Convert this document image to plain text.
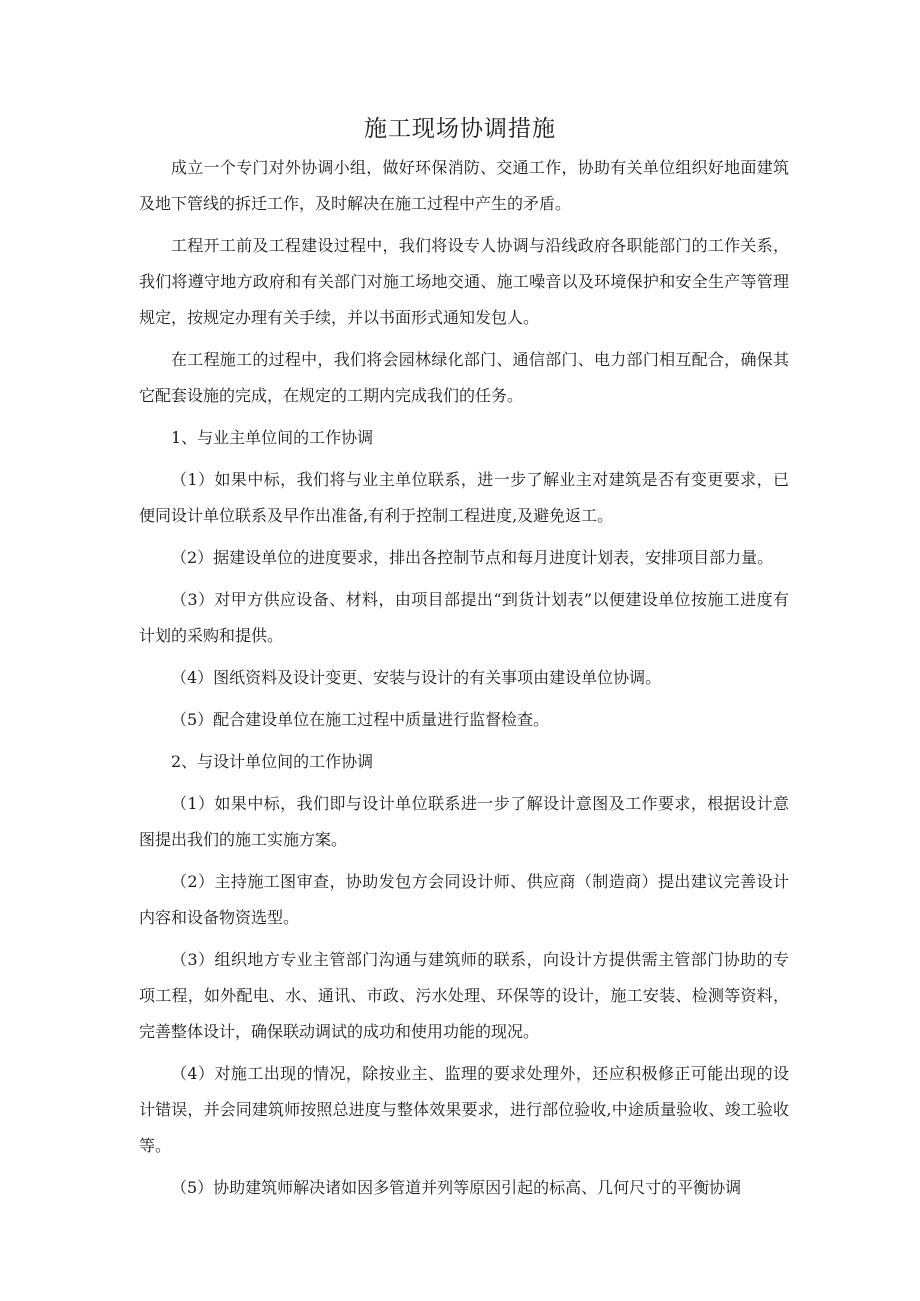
施工现场协调措施

成立一个专门对外协调小组，做好环保消防、交通工作，协助有关单位组织好地面建筑及地下管线的拆迁工作，及时解决在施工过程中产生的矛盾。

工程开工前及工程建设过程中，我们将设专人协调与沿线政府各职能部门的工作关系，我们将遵守地方政府和有关部门对施工场地交通、施工噪音以及环境保护和安全生产等管理规定，按规定办理有关手续，并以书面形式通知发包人。

在工程施工的过程中，我们将会园林绿化部门、通信部门、电力部门相互配合，确保其它配套设施的完成，在规定的工期内完成我们的任务。

1、与业主单位间的工作协调

（1）如果中标，我们将与业主单位联系，进一步了解业主对建筑是否有变更要求，已便同设计单位联系及早作出准备,有利于控制工程进度,及避免返工。

（2）据建设单位的进度要求，排出各控制节点和每月进度计划表，安排项目部力量。

（3）对甲方供应设备、材料，由项目部提出“到货计划表”以便建设单位按施工进度有计划的采购和提供。

（4）图纸资料及设计变更、安装与设计的有关事项由建设单位协调。

（5）配合建设单位在施工过程中质量进行监督检查。

2、与设计单位间的工作协调

（1）如果中标，我们即与设计单位联系进一步了解设计意图及工作要求，根据设计意图提出我们的施工实施方案。

（2）主持施工图审查，协助发包方会同设计师、供应商（制造商）提出建议完善设计内容和设备物资选型。

（3）组织地方专业主管部门沟通与建筑师的联系，向设计方提供需主管部门协助的专项工程，如外配电、水、通讯、市政、污水处理、环保等的设计，施工安装、检测等资料，完善整体设计，确保联动调试的成功和使用功能的现况。

（4）对施工出现的情况，除按业主、监理的要求处理外，还应积极修正可能出现的设计错误，并会同建筑师按照总进度与整体效果要求，进行部位验收,中途质量验收、竣工验收等。

（5）协助建筑师解决诸如因多管道并列等原因引起的标高、几何尺寸的平衡协调
